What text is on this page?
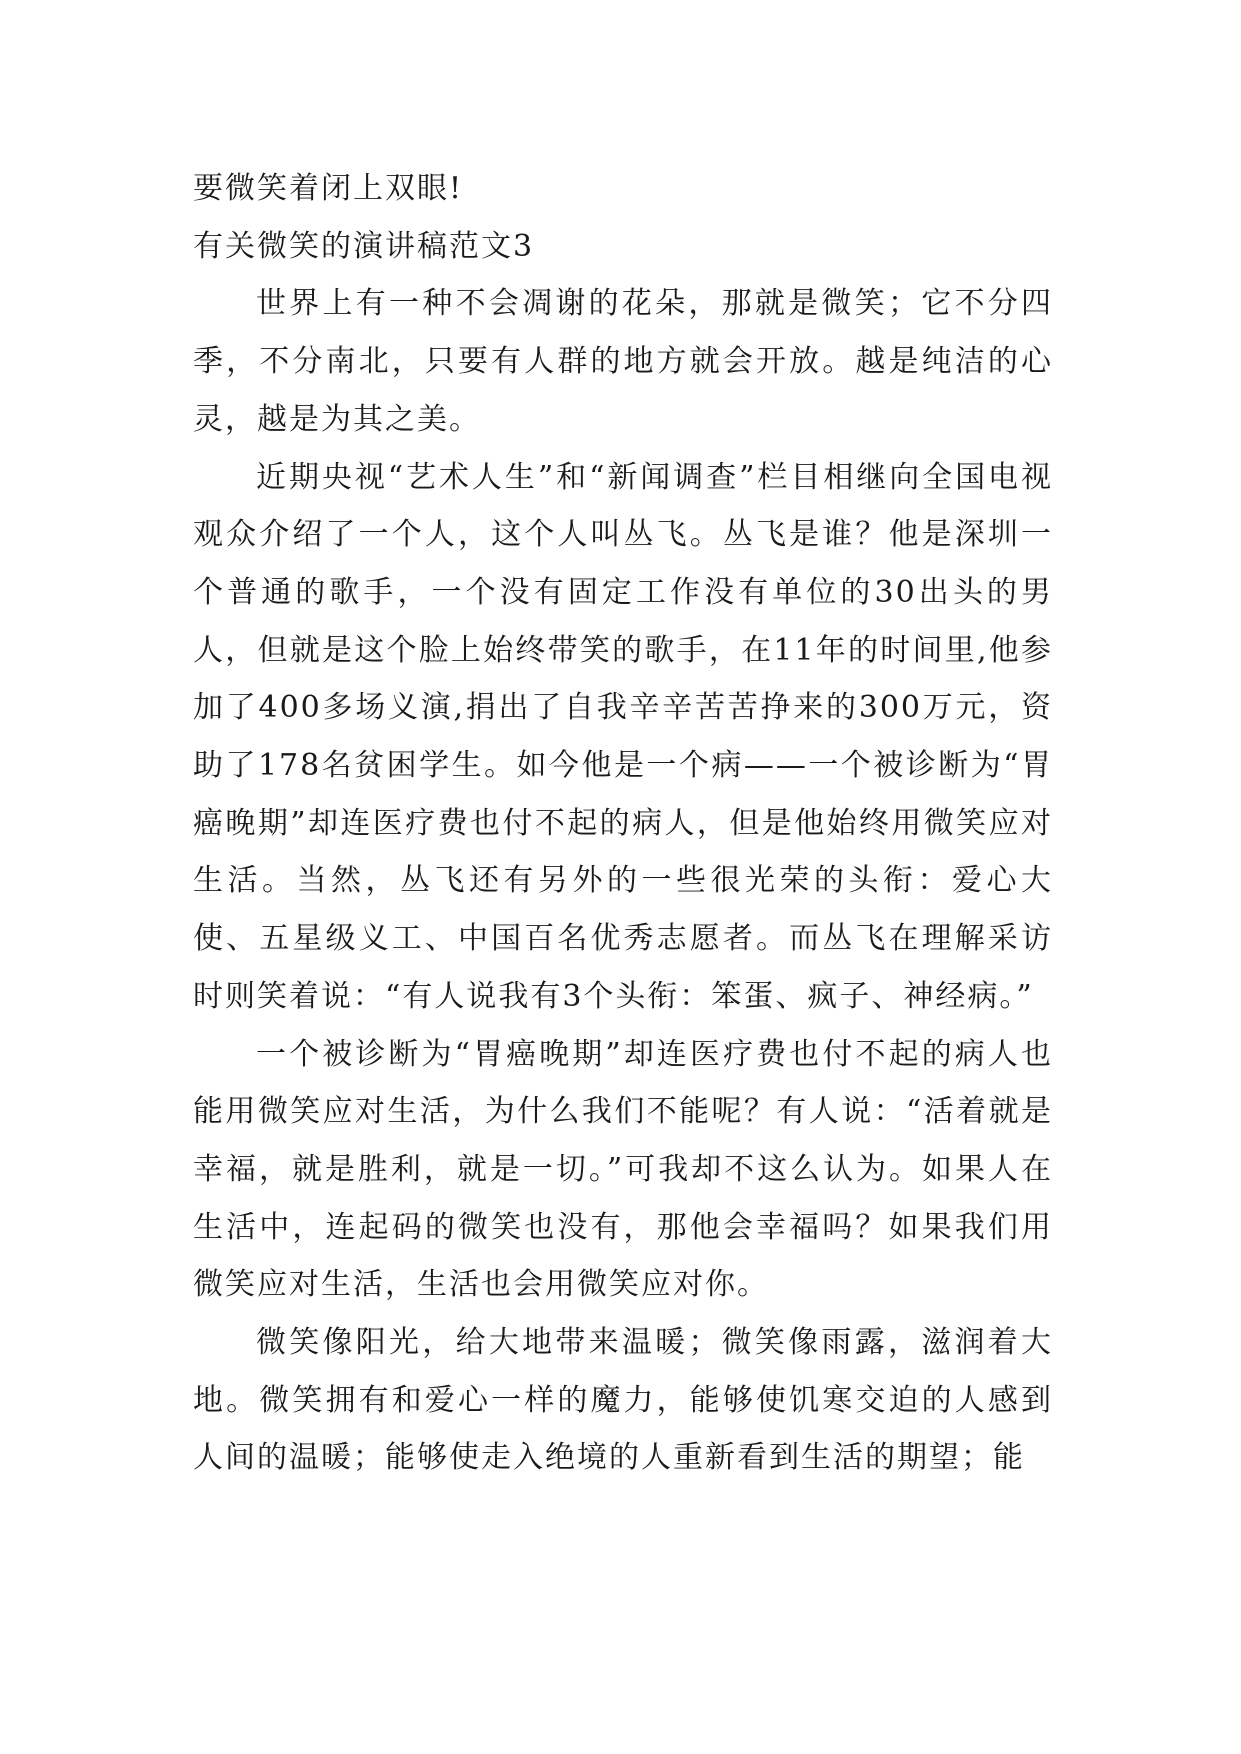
要微笑着闭上双眼!

有关微笑的演讲稿范文3

世界上有一种不会凋谢的花朵，那就是微笑；它不分四季，不分南北，只要有人群的地方就会开放。越是纯洁的心灵，越是为其之美。

近期央视“艺术人生”和“新闻调查”栏目相继向全国电视观众介绍了一个人，这个人叫丛飞。丛飞是谁？他是深圳一个普通的歌手，一个没有固定工作没有单位的30出头的男人，但就是这个脸上始终带笑的歌手，在11年的时间里,他参加了400多场义演,捐出了自我辛辛苦苦挣来的300万元，资助了178名贫困学生。如今他是一个病——一个被诊断为“胃癌晚期”却连医疗费也付不起的病人，但是他始终用微笑应对生活。当然，丛飞还有另外的一些很光荣的头衔：爱心大使、五星级义工、中国百名优秀志愿者。而丛飞在理解采访时则笑着说：“有人说我有3个头衔：笨蛋、疯子、神经病。”

一个被诊断为“胃癌晚期”却连医疗费也付不起的病人也能用微笑应对生活，为什么我们不能呢？有人说：“活着就是幸福，就是胜利，就是一切。”可我却不这么认为。如果人在生活中，连起码的微笑也没有，那他会幸福吗？如果我们用微笑应对生活，生活也会用微笑应对你。

微笑像阳光，给大地带来温暖；微笑像雨露，滋润着大地。微笑拥有和爱心一样的魔力，能够使饥寒交迫的人感到人间的温暖；能够使走入绝境的人重新看到生活的期望；能
